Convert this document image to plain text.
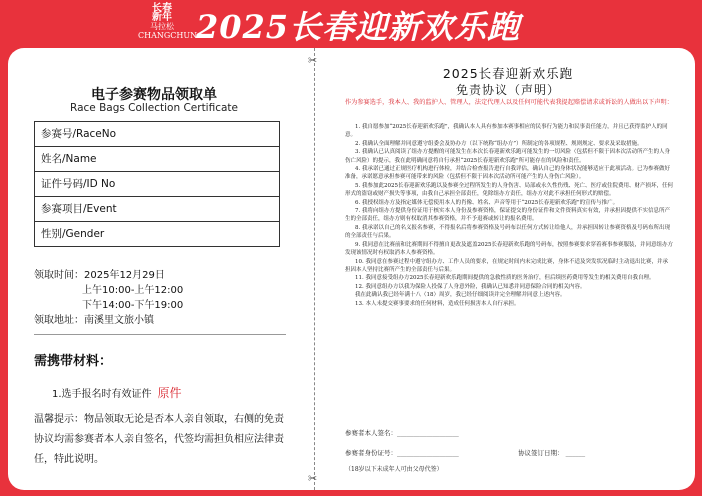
长春
新年
马拉松
CHANGCHUN
2025长春迎新欢乐跑
✂
✂
电子参赛物品领取单
Race Bags Collection Certificate
参赛号/RaceNo
姓名/Name
证件号码/ID No
参赛项目/Event
性别/Gender
领取时间：2025年12月29日
上午10:00-上午12:00
下午14:00-下午19:00
领取地址：南溪里文旅小镇
需携带材料：
1.选手报名时有效证件 原件
温馨提示：物品领取无论是否本人亲自领取，右侧的免责协议均需参赛者本人亲自签名，代签均需担负相应法律责任，特此说明。
2025长春迎新欢乐跑
免责协议（声明）
作为参赛选手，我本人、我的监护人、管理人，法定代理人以及任何可能代表我提起赔偿请求或诉讼的人做出以下声明：

1. 我自愿参加“2025长春迎新欢乐跑”，我确认本人具有参加本赛事相应的民事行为能力和民事责任能力，并且已获得监护人的同意。

2. 我确认全面理解并同意遵守组委会及协办方（以下统称“组办方”）所制定的各项规程、规则规定、要求及采取措施。

3. 我确认已认真阅读了组办方提醒的可能发生在本次长春迎新欢乐跑可能发生的一切风险（包括但不限于因本次活动所产生的人身伤亡风险）的提示，我在此明确同意将自行承担“2025长春迎新欢乐跑”所可能存在的风险和责任。

4. 我承诺已通过正规医疗机构进行体检，并结合检查报告进行自我评估，确认自己的身体状况能够适应于此项活动。已为参赛做好准备，承诺愿意承担参赛可能带来的风险（包括但不限于因本次活动所可能产生的人身伤亡风险）。

5. 我参加此2025长春迎新欢乐跑以及参赛全过程所发生的人身伤害、局部或永久性伤残、死亡、医疗或住院费用、财产损坏，任何形式的盗窃或财产损失等事项，由我自己承担全部责任，免除组办方责任，组办方对此不承担任何形式的赔偿。

6. 我授权组办方及指定媒体无偿使用本人的肖像、姓名、声音等用于“2025长春迎新欢乐跑”的宣传与推广。

7. 我将向组办方提供身份证用于核实本人身份及参赛资格，保证提交的身份证件和文件资料真实有效，并承担因提供不实信息所产生的全部责任，组办方则有权取消其参赛资格，并不予退赛或转让的报名费用。

8. 我承诺以自己的名义报名参赛，不得报名后将参赛资格及号码布以任何方式转让给他人，并承担因转让参赛资格及号码布所出现的全部责任与后果。

9. 我同意在比赛前和比赛期间不得擅自更改及遮盖2025长春迎新欢乐跑的号码布，按照参赛要求穿着赛事参赛服装，并同意组办方发现该情况时有权取消本人参赛资格。

10. 我同意在参赛过程中遵守组办方、工作人员的要求，在规定时间内未完成比赛，身体不适及突发状况临时主动退出比赛，并承担因本人坚持比赛所产生的全部责任与后果。

11. 我同意接受组办方2025长春迎新欢乐跑期间提供的急救性质的医务治疗，但后续医药费用等发生的相关费用自我自理。

12. 我同意组办方以我为保险人投保了人身意外险，我确认已知悉并同意保险合同的相关内容。

我在此确认我已经年满十八（18）周岁，我已经仔细阅读并完全理解并同意上述内容。

13. 本人未提交赛事要求的任何材料，造成任何损害本人自行承担。

参赛者本人签名：___________________
参赛者身份证号：___________________	协议签订日期： ______
（18岁以下未成年人可由父母代签）
